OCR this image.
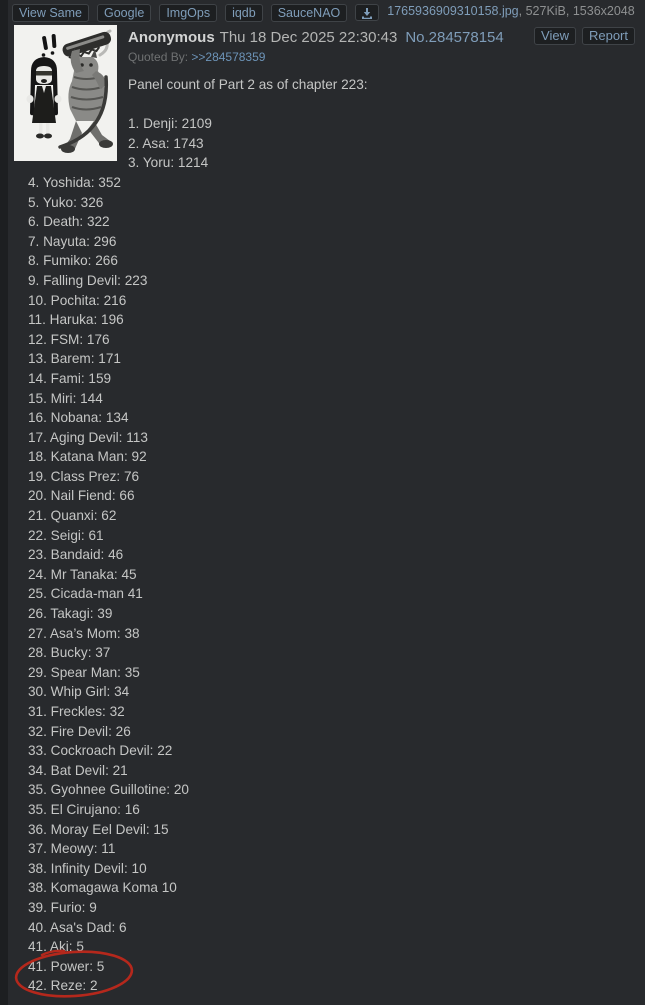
View Same Google ImgOps iqdb SauceNAO	1765936909310158.jpg, 527KiB, 1536x2048
Anonymous Thu 18 Dec 2025 22:30:43 No.284578154	View Report
Quoted By: >>284578359
Panel count of Part 2 as of chapter 223:

1. Denji: 2109
2. Asa: 1743
3. Yoru: 1214
4. Yoshida: 352
5. Yuko: 326
6. Death: 322
7. Nayuta: 296
8. Fumiko: 266
9. Falling Devil: 223
10. Pochita: 216
11. Haruka: 196
12. FSM: 176
13. Barem: 171
14. Fami: 159
15. Miri: 144
16. Nobana: 134
17. Aging Devil: 113
18. Katana Man: 92
19. Class Prez: 76
20. Nail Fiend: 66
21. Quanxi: 62
22. Seigi: 61
23. Bandaid: 46
24. Mr Tanaka: 45
25. Cicada-man 41
26. Takagi: 39
27. Asa’s Mom: 38
28. Bucky: 37
29. Spear Man: 35
30. Whip Girl: 34
31. Freckles: 32
32. Fire Devil: 26
33. Cockroach Devil: 22
34. Bat Devil: 21
35. Gyohnee Guillotine: 20
35. El Cirujano: 16
36. Moray Eel Devil: 15
37. Meowy: 11
38. Infinity Devil: 10
38. Komagawa Koma 10
39. Furio: 9
40. Asa's Dad: 6
41. Aki: 5
41. Power: 5
42. Reze: 2
